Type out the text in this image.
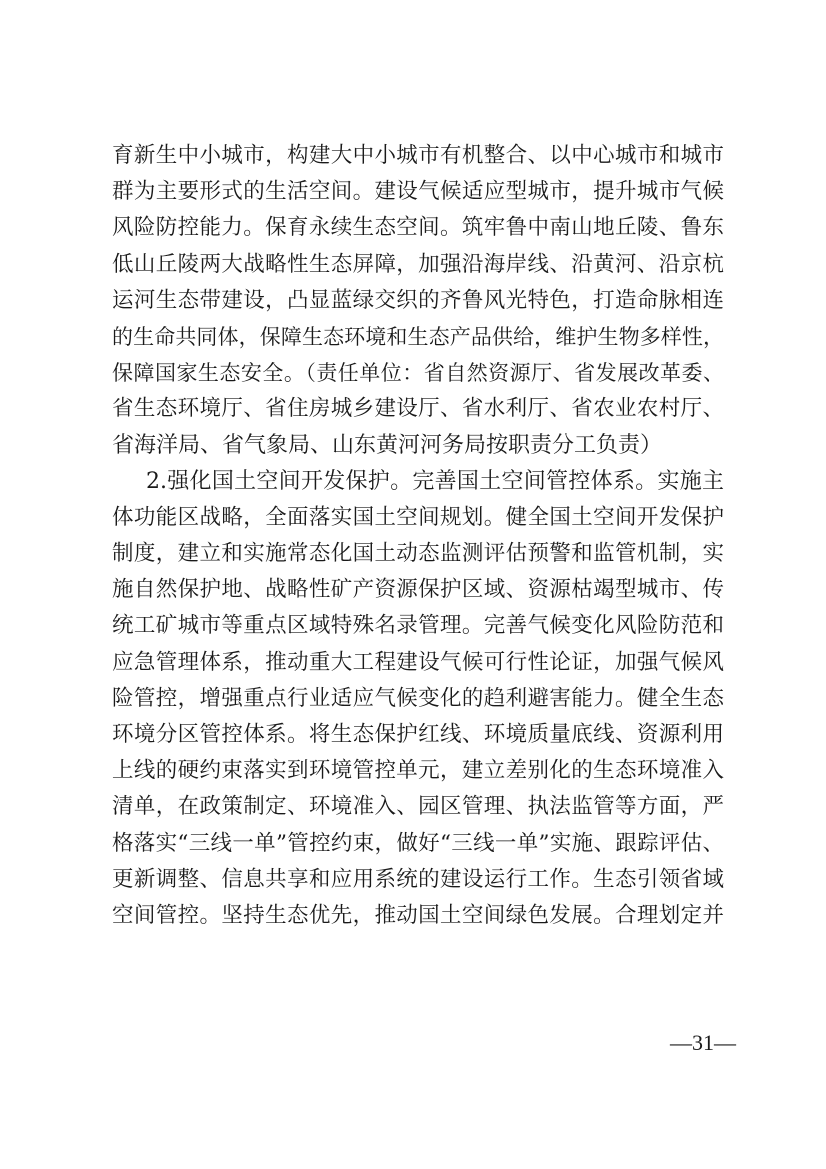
育新生中小城市，构建大中小城市有机整合、以中心城市和城市
群为主要形式的生活空间。建设气候适应型城市，提升城市气候
风险防控能力。保育永续生态空间。筑牢鲁中南山地丘陵、鲁东
低山丘陵两大战略性生态屏障，加强沿海岸线、沿黄河、沿京杭
运河生态带建设，凸显蓝绿交织的齐鲁风光特色，打造命脉相连
的生命共同体，保障生态环境和生态产品供给，维护生物多样性，
保障国家生态安全。（责任单位：省自然资源厅、省发展改革委、
省生态环境厅、省住房城乡建设厅、省水利厅、省农业农村厅、
省海洋局、省气象局、山东黄河河务局按职责分工负责）
2.强化国土空间开发保护。完善国土空间管控体系。实施主
体功能区战略，全面落实国土空间规划。健全国土空间开发保护
制度，建立和实施常态化国土动态监测评估预警和监管机制，实
施自然保护地、战略性矿产资源保护区域、资源枯竭型城市、传
统工矿城市等重点区域特殊名录管理。完善气候变化风险防范和
应急管理体系，推动重大工程建设气候可行性论证，加强气候风
险管控，增强重点行业适应气候变化的趋利避害能力。健全生态
环境分区管控体系。将生态保护红线、环境质量底线、资源利用
上线的硬约束落实到环境管控单元，建立差别化的生态环境准入
清单，在政策制定、环境准入、园区管理、执法监管等方面，严
格落实“三线一单”管控约束，做好“三线一单”实施、跟踪评估、
更新调整、信息共享和应用系统的建设运行工作。生态引领省域
空间管控。坚持生态优先，推动国土空间绿色发展。合理划定并
—31—
